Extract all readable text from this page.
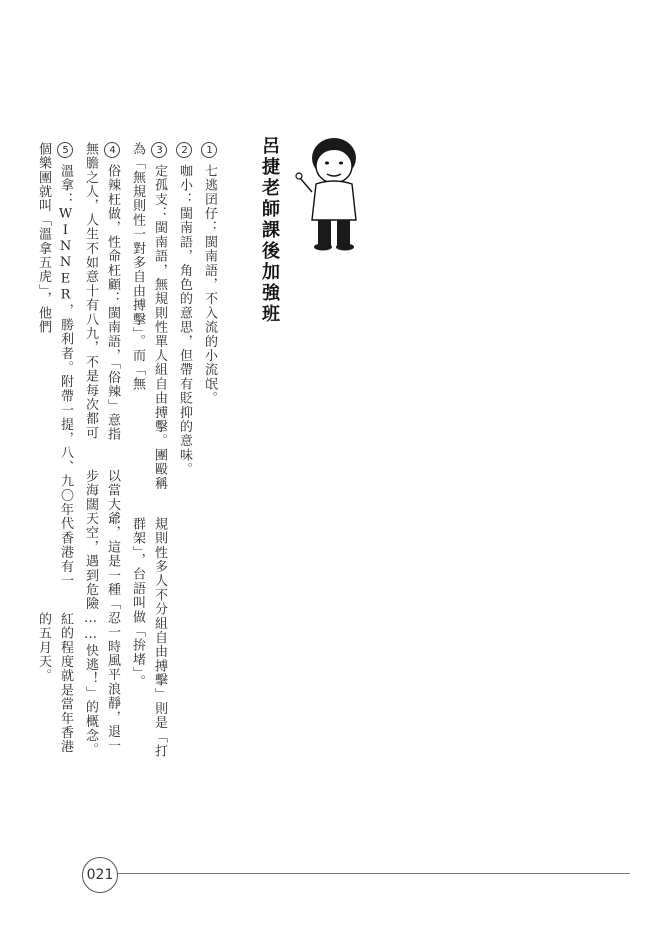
呂捷老師課後加強班
1七逃囝仔：閩南語，不入流的小流氓。
2咖小：閩南語，角色的意思，但帶有貶抑的意味。
3定孤支：閩南語，無規則性單人組自由搏擊。團毆稱為「無規則性一對多自由搏擊」。而「無
規則性多人不分組自由搏擊」則是「打群架」，台語叫做「拚堵」。
4俗辣枉做，性命枉顧：閩南語，「俗辣」意指無膽之人，人生不如意十有八九，不是每次都可
以當大爺，這是一種「忍一時風平浪靜，退一步海闊天空，遇到危險……快逃！」的概念。
5溫拿：WINNER，勝利者。附帶一提，八、九〇年代香港有一個樂團就叫「溫拿五虎」，他們
紅的程度就是當年香港的五月天。
021
